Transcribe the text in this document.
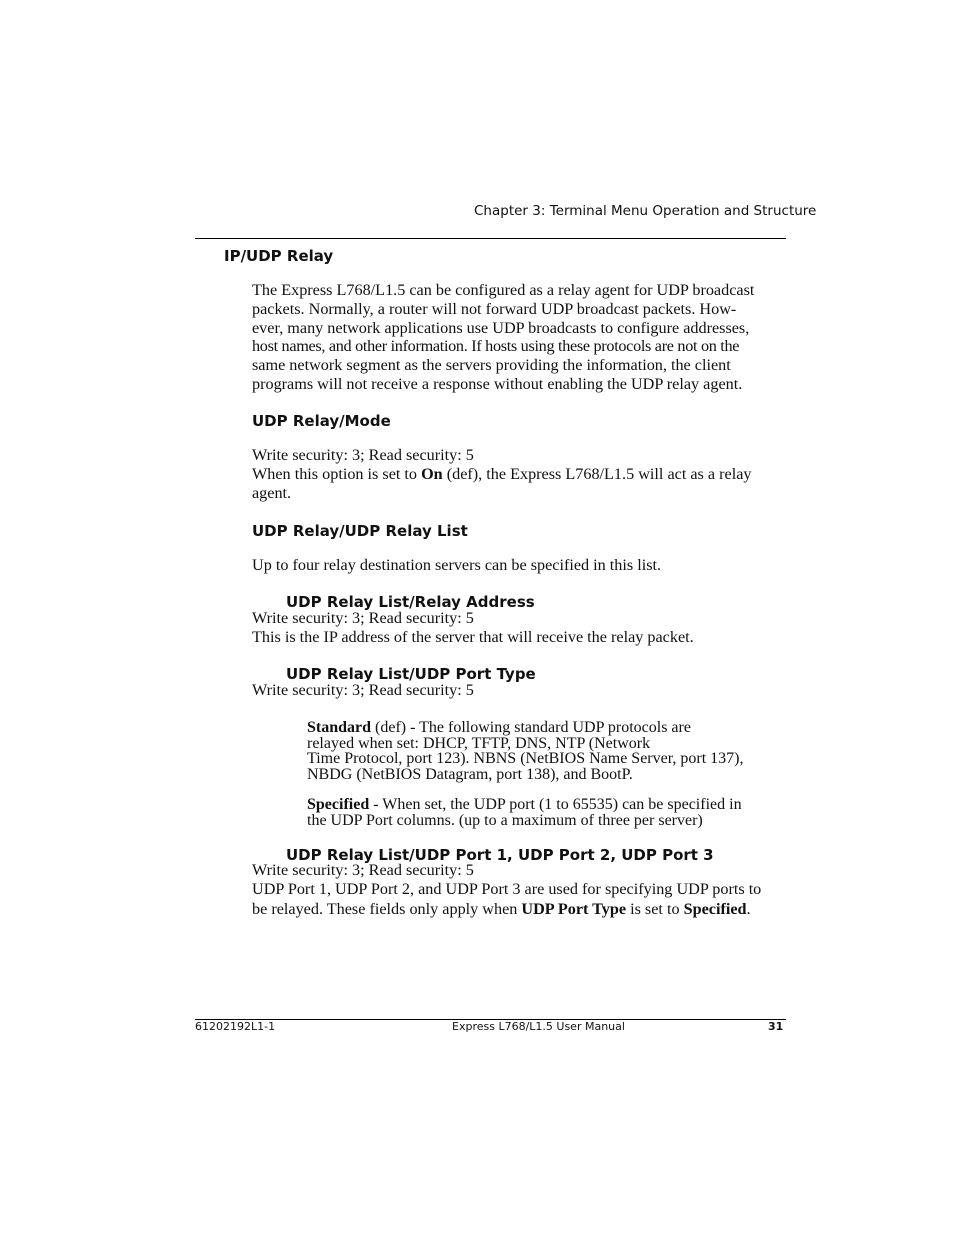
Chapter 3: Terminal Menu Operation and Structure
IP/UDP Relay
The Express L768/L1.5 can be configured as a relay agent for UDP broadcast
packets. Normally, a router will not forward UDP broadcast packets. How-
ever, many network applications use UDP broadcasts to configure addresses,
host names, and other information. If hosts using these protocols are not on the
same network segment as the servers providing the information, the client
programs will not receive a response without enabling the UDP relay agent.
UDP Relay/Mode
Write security: 3; Read security: 5
When this option is set to On (def), the Express L768/L1.5 will act as a relay
agent.
UDP Relay/UDP Relay List
Up to four relay destination servers can be specified in this list.
UDP Relay List/Relay Address
Write security: 3; Read security: 5
This is the IP address of the server that will receive the relay packet.
UDP Relay List/UDP Port Type
Write security: 3; Read security: 5
Standard (def) - The following standard UDP protocols are
relayed when set: DHCP, TFTP, DNS, NTP (Network
Time Protocol, port 123). NBNS (NetBIOS Name Server, port 137),
NBDG (NetBIOS Datagram, port 138), and BootP.
Specified - When set, the UDP port (1 to 65535) can be specified in
the UDP Port columns. (up to a maximum of three per server)
UDP Relay List/UDP Port 1, UDP Port 2, UDP Port 3
Write security: 3; Read security: 5
UDP Port 1, UDP Port 2, and UDP Port 3 are used for specifying UDP ports to
be relayed. These fields only apply when UDP Port Type is set to Specified.
61202192L1-1	Express L768/L1.5 User Manual	31
